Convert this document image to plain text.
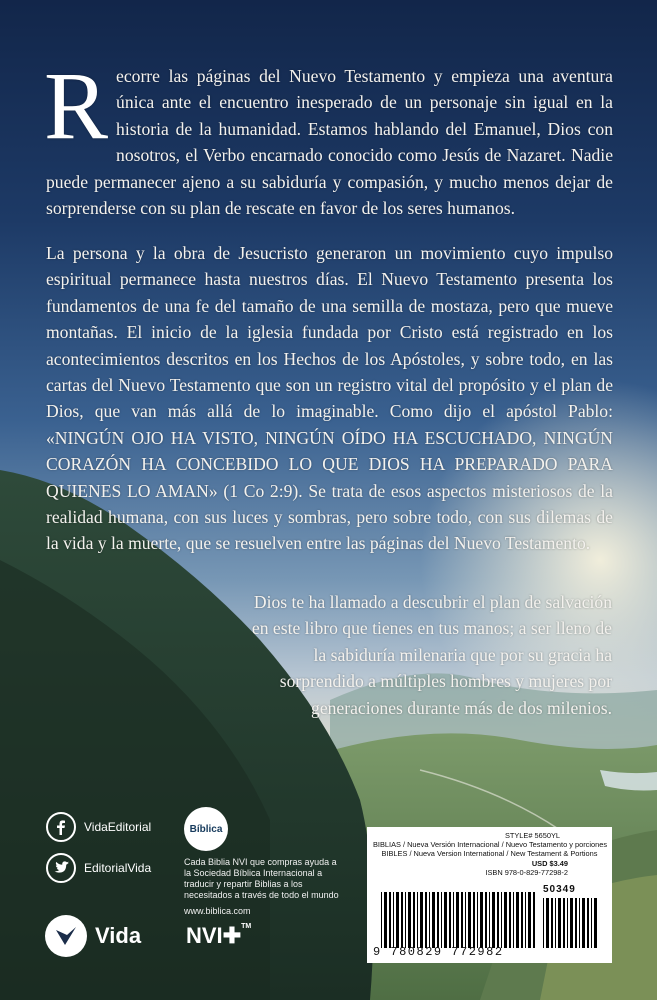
Recorre las páginas del Nuevo Testamento y empieza una aventura única ante el encuentro inesperado de un personaje sin igual en la historia de la humanidad. Estamos hablando del Emanuel, Dios con nosotros, el Verbo encarnado conocido como Jesús de Nazaret. Nadie puede permanecer ajeno a su sabiduría y compasión, y mucho menos dejar de sorprenderse con su plan de rescate en favor de los seres humanos.
La persona y la obra de Jesucristo generaron un movimiento cuyo impulso espiritual permanece hasta nuestros días. El Nuevo Testamento presenta los fundamentos de una fe del tamaño de una semilla de mostaza, pero que mueve montañas. El inicio de la iglesia fundada por Cristo está registrado en los acontecimientos descritos en los Hechos de los Apóstoles, y sobre todo, en las cartas del Nuevo Testamento que son un registro vital del propósito y el plan de Dios, que van más allá de lo imaginable. Como dijo el apóstol Pablo: «NINGÚN OJO HA VISTO, NINGÚN OÍDO HA ESCUCHADO, NINGÚN CORAZÓN HA CONCEBIDO LO QUE DIOS HA PREPARADO PARA QUIENES LO AMAN» (1 Co 2:9). Se trata de esos aspectos misteriosos de la realidad humana, con sus luces y sombras, pero sobre todo, con sus dilemas de la vida y la muerte, que se resuelven entre las páginas del Nuevo Testamento.
Dios te ha llamado a descubrir el plan de salvación en este libro que tienes en tus manos; a ser lleno de la sabiduría milenaria que por su gracia ha sorprendido a múltiples hombres y mujeres por generaciones durante más de dos milenios.
VidaEditorial
EditorialVida
Vida
Bíblica
Cada Biblia NVI que compras ayuda a la Sociedad Bíblica Internacional a traducir y repartir Biblias a los necesitados a través de todo el mundo
www.biblica.com
NVI✚™
STYLE# 5650YL
BIBLIAS / Nueva Versión Internacional / Nuevo Testamento y porciones
BIBLES / Nueva Version International / New Testament & Portions
USD $3.49
ISBN 978-0-829-77298-2
50349
9 780829 772982
